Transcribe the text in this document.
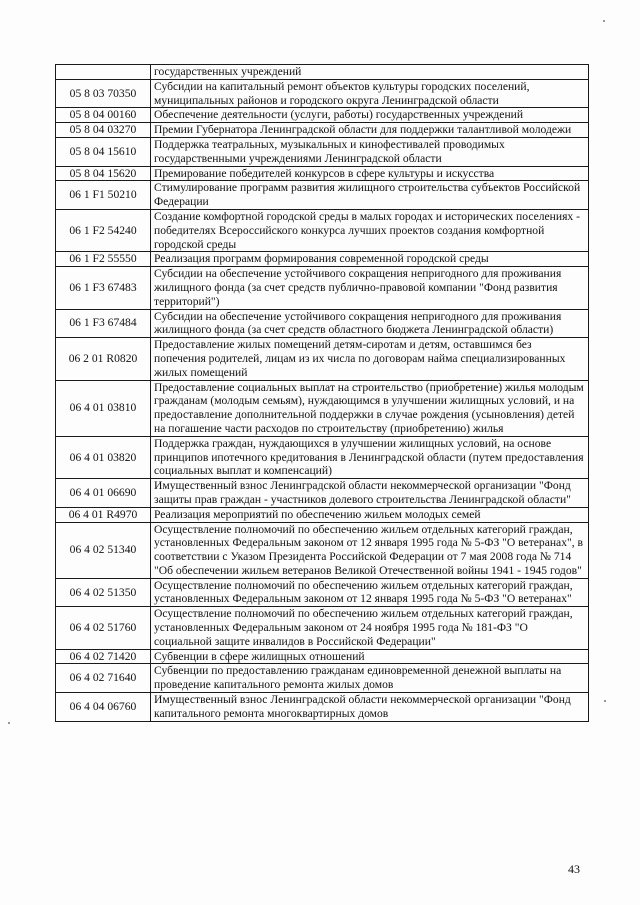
	государственных учреждений
05 8 03 70350	Субсидии на капитальный ремонт объектов культуры городских поселений, муниципальных районов и городского округа Ленинградской области
05 8 04 00160	Обеспечение деятельности (услуги, работы) государственных учреждений
05 8 04 03270	Премии Губернатора Ленинградской области для поддержки талантливой молодежи
05 8 04 15610	Поддержка театральных, музыкальных и кинофестивалей проводимых государственными учреждениями Ленинградской области
05 8 04 15620	Премирование победителей конкурсов в сфере культуры и искусства
06 1 F1 50210	Стимулирование программ развития жилищного строительства субъектов Российской Федерации
06 1 F2 54240	Создание комфортной городской среды в малых городах и исторических поселениях - победителях Всероссийского конкурса лучших проектов создания комфортной городской среды
06 1 F2 55550	Реализация программ формирования современной городской среды
06 1 F3 67483	Субсидии на обеспечение устойчивого сокращения непригодного для проживания жилищного фонда (за счет средств публично-правовой компании "Фонд развития территорий")
06 1 F3 67484	Субсидии на обеспечение устойчивого сокращения непригодного для проживания жилищного фонда (за счет средств областного бюджета Ленинградской области)
06 2 01 R0820	Предоставление жилых помещений детям-сиротам и детям, оставшимся без попечения родителей, лицам из их числа по договорам найма специализированных жилых помещений
06 4 01 03810	Предоставление социальных выплат на строительство (приобретение) жилья молодым гражданам (молодым семьям), нуждающимся в улучшении жилищных условий, и на предоставление дополнительной поддержки в случае рождения (усыновления) детей на погашение части расходов по строительству (приобретению) жилья
06 4 01 03820	Поддержка граждан, нуждающихся в улучшении жилищных условий, на основе принципов ипотечного кредитования в Ленинградской области (путем предоставления социальных выплат и компенсаций)
06 4 01 06690	Имущественный взнос Ленинградской области некоммерческой организации "Фонд защиты прав граждан - участников долевого строительства Ленинградской области"
06 4 01 R4970	Реализация мероприятий по обеспечению жильем молодых семей
06 4 02 51340	Осуществление полномочий по обеспечению жильем отдельных категорий граждан, установленных Федеральным законом от 12 января 1995 года № 5-ФЗ "О ветеранах", в соответствии с Указом Президента Российской Федерации от 7 мая 2008 года № 714 "Об обеспечении жильем ветеранов Великой Отечественной войны 1941 - 1945 годов"
06 4 02 51350	Осуществление полномочий по обеспечению жильем отдельных категорий граждан, установленных Федеральным законом от 12 января 1995 года № 5-ФЗ "О ветеранах"
06 4 02 51760	Осуществление полномочий по обеспечению жильем отдельных категорий граждан, установленных Федеральным законом от 24 ноября 1995 года № 181-ФЗ "О социальной защите инвалидов в Российской Федерации"
06 4 02 71420	Субвенции в сфере жилищных отношений
06 4 02 71640	Субвенции по предоставлению гражданам единовременной денежной выплаты на проведение капитального ремонта жилых домов
06 4 04 06760	Имущественный взнос Ленинградской области некоммерческой организации "Фонд капитального ремонта многоквартирных домов
43
